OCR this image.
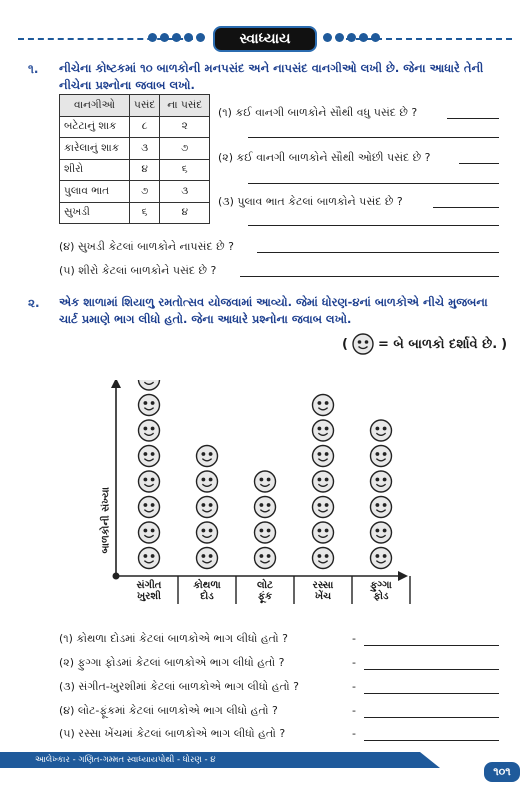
સ્વાધ્યાય
૧. નીચેના કોષ્ટકમાં ૧૦ બાળકોની મનપસંદ અને નાપસંદ વાનગીઓ લખી છે. જેના આધારે તેની નીચેના પ્રશ્નોના જવાબ લખો.
વાનગીઓ	પસંદ	ના પસંદ
બટેટાનું શાક	૮	૨
કારેલાનું શાક	૩	૭
શીરો	૪	૬
પુલાવ ભાત	૭	૩
સુખડી	૬	૪
(૧) કઈ વાનગી બાળકોને સૌથી વધુ પસંદ છે ?
(૨) કઈ વાનગી બાળકોને સૌથી ઓછી પસંદ છે ?
(૩) પુલાવ ભાત કેટલાં બાળકોને પસંદ છે ?
(૪) સુખડી કેટલાં બાળકોને નાપસંદ છે ?
(૫) શીરો કેટલાં બાળકોને પસંદ છે ?
૨. એક શાળામાં શિયાળુ રમતોત્સવ યોજવામાં આવ્યો. જેમાં ધોરણ-૪નાં બાળકોએ નીચે મુજબના ચાર્ટ પ્રમાણે ભાગ લીધો હતો. જેના આધારે પ્રશ્નોના જવાબ લખો.
( = બે બાળકો દર્શાવે છે. )
બાળકોની સંખ્યા
સંગીત
ખુરશી
કોથળા
દોડ
લોટ
ફૂંક
રસ્સા
ખેંચ
ફુગ્ગા
ફોડ
(૧) કોથળા દોડમાં કેટલાં બાળકોએ ભાગ લીધો હતો ?	-
(૨) ફુગ્ગા ફોડમાં કેટલાં બાળકોએ ભાગ લીધો હતો ?	-
(૩) સંગીત-ખુરશીમાં કેટલાં બાળકોએ ભાગ લીધો હતો ?	-
(૪) લોટ-ફૂંકમાં કેટલાં બાળકોએ ભાગ લીધો હતો ?	-
(૫) રસ્સા ખેંચમાં કેટલાં બાળકોએ ભાગ લીધો હતો ?	-
આલેખ્કાર - ગણિત-ગમ્મત સ્વાધ્યાયપોથી - ધોરણ - ૪
૧૦૧
